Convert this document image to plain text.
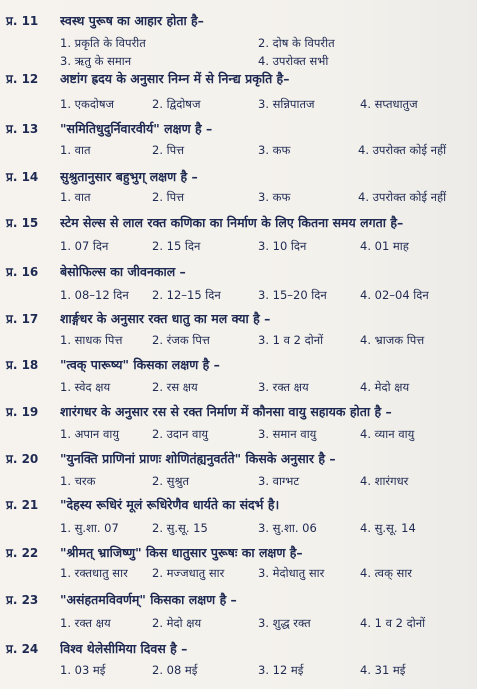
प्र. 11 स्वस्थ पुरूष का आहार होता है–
1. प्रकृति के विपरीत	2. दोष के विपरीत
3. ऋतु के समान	4. उपरोक्त सभी
प्र. 12 अष्टांग ह्रदय के अनुसार निम्न में से निन्द्य प्रकृति है–
1. एकदोषज	2. द्विदोषज	3. सन्निपातज	4. सप्तधातुज
प्र. 13 "समितिधुदुर्निवारवीर्य" लक्षण है –
1. वात	2. पित्त	3. कफ	4. उपरोक्त कोई नहीं
प्र. 14 सुश्रुतानुसार बहुभुग् लक्षण है –
1. वात	2. पित्त	3. कफ	4. उपरोक्त कोई नहीं
प्र. 15 स्टेम सेल्स से लाल रक्त कणिका का निर्माण के लिए कितना समय लगता है–
1. 07 दिन	2. 15 दिन	3. 10 दिन	4. 01 माह
प्र. 16 बेसोफिल्स का जीवनकाल –
1. 08–12 दिन 2. 12–15 दिन	3. 15–20 दिन	4. 02–04 दिन
प्र. 17 शार्ङ्गधर के अनुसार रक्त धातु का मल क्या है –
1. साधक पित्त	2. रंजक पित्त	3. 1 व 2 दोनों	4. भ्राजक पित्त
प्र. 18 "त्वक् पारूष्य" किसका लक्षण है –
1. स्वेद क्षय	2. रस क्षय	3. रक्त क्षय	4. मेदो क्षय
प्र. 19 शारंगधर के अनुसार रस से रक्त निर्माण में कौनसा वायु सहायक होता है –
1. अपान वायु	2. उदान वायु	3. समान वायु	4. व्यान वायु
प्र. 20 "युनक्ति प्राणिनां प्राणः शोणितंह्यनुवर्तते" किसके अनुसार है –
1. चरक	2. सुश्रुत	3. वाग्भट	4. शारंगधर
प्र. 21 "देहस्य रूधिरं मूलं रूधिरेणैव धार्यते का संदर्भ है।
1. सु.शा. 07	2. सु.सू. 15	3. सु.शा. 06	4. सु.सू. 14
प्र. 22 "श्रीमत् भ्राजिष्णु" किस धातुसार पुरूषः का लक्षण है–
1. रक्तधातु सार 2. मज्जधातु सार	3. मेदोधातु सार	4. त्वक् सार
प्र. 23 "असंहतमविवर्णम्" किसका लक्षण है –
1. रक्त क्षय	2. मेदो क्षय	3. शुद्ध रक्त	4. 1 व 2 दोनों
प्र. 24 विश्व थेलेसीमिया दिवस है –
1. 03 मई	2. 08 मई	3. 12 मई	4. 31 मई
